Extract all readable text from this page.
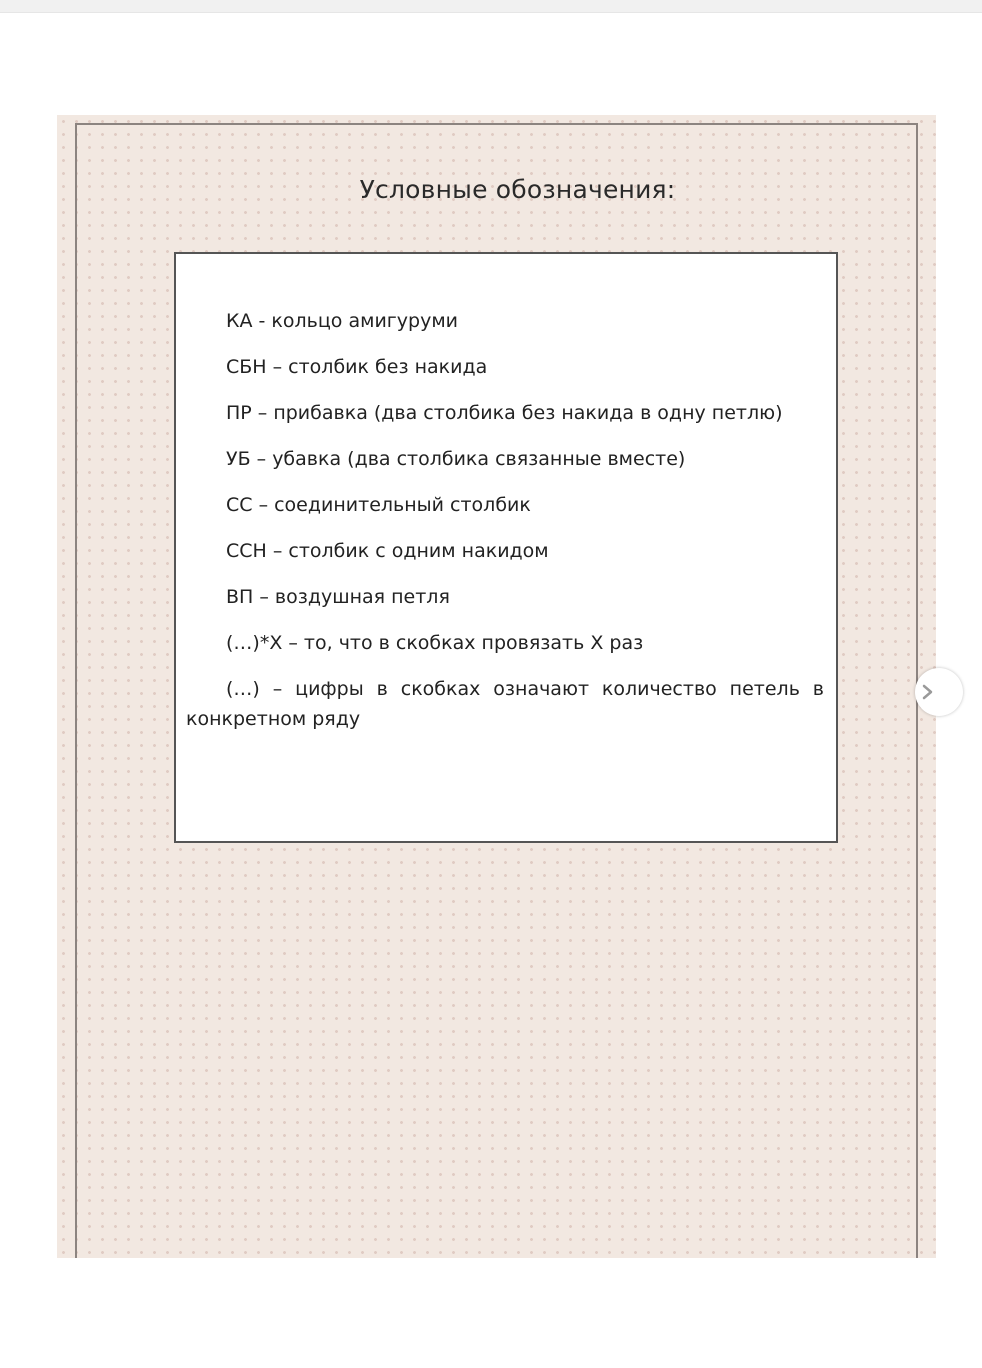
Условные обозначения:
КА - кольцо амигуруми
СБН – столбик без накида
ПР – прибавка (два столбика без накида в одну петлю)
УБ – убавка (два столбика связанные вместе)
СС – соединительный столбик
ССН – столбик с одним накидом
ВП – воздушная петля
(…)*Х – то, что в скобках провязать Х раз
(…) – цифры в скобках означают количество петель в конкретном ряду
